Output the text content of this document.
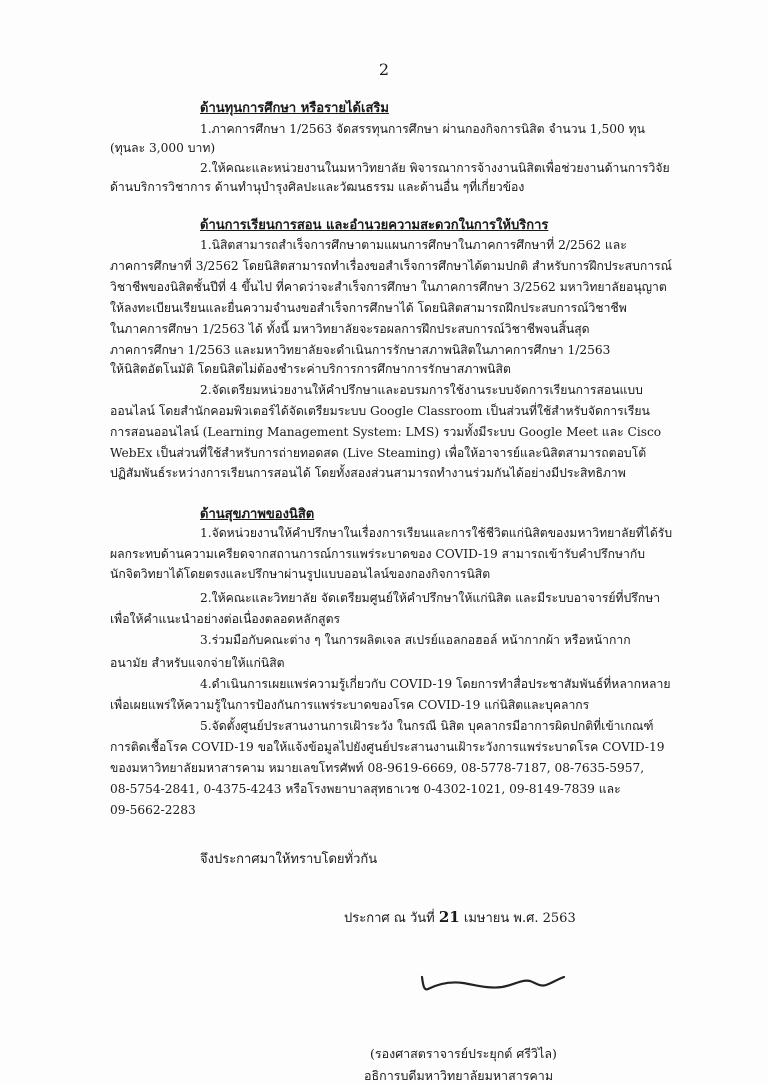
2
ด้านทุนการศึกษา หรือรายได้เสริม
1.ภาคการศึกษา 1/2563 จัดสรรทุนการศึกษา ผ่านกองกิจการนิสิต จำนวน 1,500 ทุน
(ทุนละ 3,000 บาท)
2.ให้คณะและหน่วยงานในมหาวิทยาลัย พิจารณาการจ้างงานนิสิตเพื่อช่วยงานด้านการวิจัย
ด้านบริการวิชาการ ด้านทำนุบำรุงศิลปะและวัฒนธรรม และด้านอื่น ๆที่เกี่ยวข้อง
ด้านการเรียนการสอน และอำนวยความสะดวกในการให้บริการ
1.นิสิตสามารถสำเร็จการศึกษาตามแผนการศึกษาในภาคการศึกษาที่ 2/2562 และ
ภาคการศึกษาที่ 3/2562 โดยนิสิตสามารถทำเรื่องขอสำเร็จการศึกษาได้ตามปกติ สำหรับการฝึกประสบการณ์
วิชาชีพของนิสิตชั้นปีที่ 4 ขึ้นไป ที่คาดว่าจะสำเร็จการศึกษา ในภาคการศึกษา 3/2562 มหาวิทยาลัยอนุญาต
ให้ลงทะเบียนเรียนและยื่นความจำนงขอสำเร็จการศึกษาได้ โดยนิสิตสามารถฝึกประสบการณ์วิชาชีพ
ในภาคการศึกษา 1/2563 ได้ ทั้งนี้ มหาวิทยาลัยจะรอผลการฝึกประสบการณ์วิชาชีพจนสิ้นสุด
ภาคการศึกษา 1/2563 และมหาวิทยาลัยจะดำเนินการรักษาสภาพนิสิตในภาคการศึกษา 1/2563
ให้นิสิตอัตโนมัติ โดยนิสิตไม่ต้องชำระค่าบริการการศึกษาการรักษาสภาพนิสิต
2.จัดเตรียมหน่วยงานให้คำปรึกษาและอบรมการใช้งานระบบจัดการเรียนการสอนแบบ
ออนไลน์ โดยสำนักคอมพิวเตอร์ได้จัดเตรียมระบบ Google Classroom เป็นส่วนที่ใช้สำหรับจัดการเรียน
การสอนออนไลน์ (Learning Management System: LMS) รวมทั้งมีระบบ Google Meet และ Cisco
WebEx เป็นส่วนที่ใช้สำหรับการถ่ายทอดสด (Live Steaming) เพื่อให้อาจารย์และนิสิตสามารถตอบโต้
ปฏิสัมพันธ์ระหว่างการเรียนการสอนได้ โดยทั้งสองส่วนสามารถทำงานร่วมกันได้อย่างมีประสิทธิภาพ
ด้านสุขภาพของนิสิต
1.จัดหน่วยงานให้คำปรึกษาในเรื่องการเรียนและการใช้ชีวิตแก่นิสิตของมหาวิทยาลัยที่ได้รับ
ผลกระทบด้านความเครียดจากสถานการณ์การแพร่ระบาดของ COVID-19 สามารถเข้ารับคำปรึกษากับ
นักจิตวิทยาได้โดยตรงและปรึกษาผ่านรูปแบบออนไลน์ของกองกิจการนิสิต
2.ให้คณะและวิทยาลัย จัดเตรียมศูนย์ให้คำปรึกษาให้แก่นิสิต และมีระบบอาจารย์ที่ปรึกษา
เพื่อให้คำแนะนำอย่างต่อเนื่องตลอดหลักสูตร
3.ร่วมมือกับคณะต่าง ๆ ในการผลิตเจล สเปรย์แอลกอฮอล์ หน้ากากผ้า หรือหน้ากาก
อนามัย สำหรับแจกจ่ายให้แก่นิสิต
4.ดำเนินการเผยแพร่ความรู้เกี่ยวกับ COVID-19 โดยการทำสื่อประชาสัมพันธ์ที่หลากหลาย
เพื่อเผยแพร่ให้ความรู้ในการป้องกันการแพร่ระบาดของโรค COVID-19 แก่นิสิตและบุคลากร
5.จัดตั้งศูนย์ประสานงานการเฝ้าระวัง ในกรณี นิสิต บุคลากรมีอาการผิดปกติที่เข้าเกณฑ์
การติดเชื้อโรค COVID-19 ขอให้แจ้งข้อมูลไปยังศูนย์ประสานงานเฝ้าระวังการแพร่ระบาดโรค COVID-19
ของมหาวิทยาลัยมหาสารคาม หมายเลขโทรศัพท์ 08-9619-6669, 08-5778-7187, 08-7635-5957,
08-5754-2841, 0-4375-4243 หรือโรงพยาบาลสุทธาเวช 0-4302-1021, 09-8149-7839 และ
09-5662-2283
จึงประกาศมาให้ทราบโดยทั่วกัน
ประกาศ ณ วันที่ 21 เมษายน พ.ศ. 2563
(รองศาสตราจารย์ประยุกต์ ศรีวิไล)
อธิการบดีมหาวิทยาลัยมหาสารคาม
